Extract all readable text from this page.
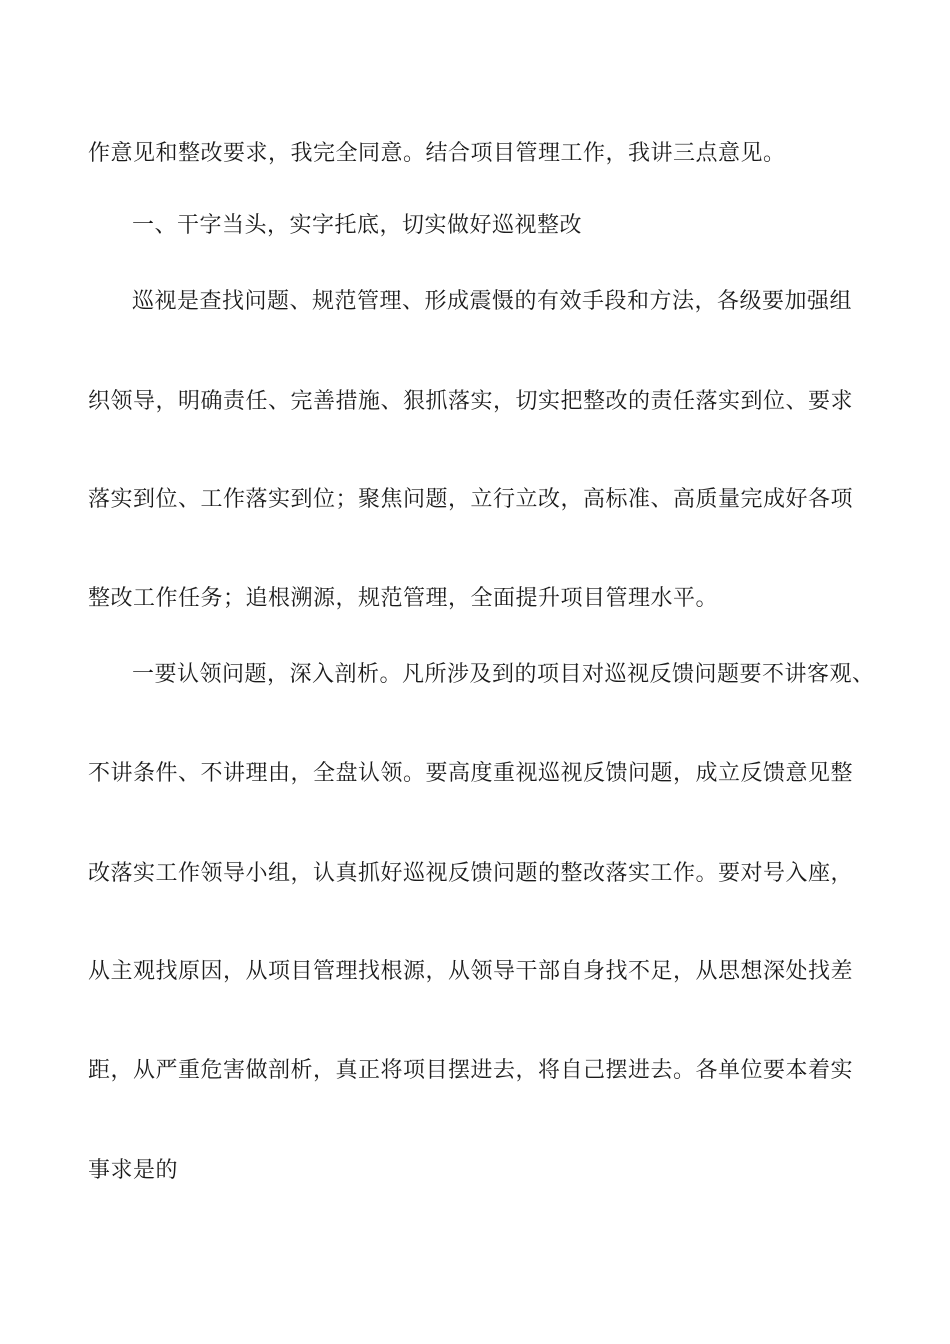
作意见和整改要求，我完全同意。结合项目管理工作，我讲三点意见。
一、干字当头，实字托底，切实做好巡视整改
巡视是查找问题、规范管理、形成震慑的有效手段和方法，各级要加强组
织领导，明确责任、完善措施、狠抓落实，切实把整改的责任落实到位、要求
落实到位、工作落实到位；聚焦问题，立行立改，高标准、高质量完成好各项
整改工作任务；追根溯源，规范管理，全面提升项目管理水平。
一要认领问题，深入剖析。凡所涉及到的项目对巡视反馈问题要不讲客观、
不讲条件、不讲理由，全盘认领。要高度重视巡视反馈问题，成立反馈意见整
改落实工作领导小组，认真抓好巡视反馈问题的整改落实工作。要对号入座，
从主观找原因，从项目管理找根源，从领导干部自身找不足，从思想深处找差
距，从严重危害做剖析，真正将项目摆进去，将自己摆进去。各单位要本着实
事求是的
